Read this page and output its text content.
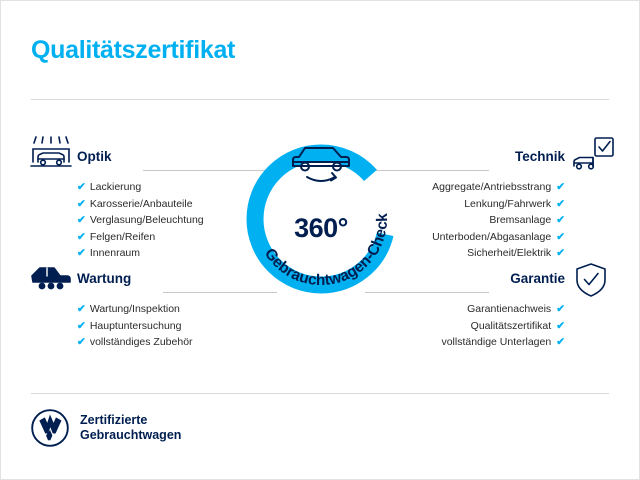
Qualitätszertifikat
Optik
✔ Lackierung
✔ Karosserie/Anbauteile
✔ Verglasung/Beleuchtung
✔ Felgen/Reifen
✔ Innenraum
Wartung
✔ Wartung/Inspektion
✔ Hauptuntersuchung
✔ vollständiges Zubehör
Technik
Aggregate/Antriebsstrang ✔
Lenkung/Fahrwerk ✔
Bremsanlage ✔
Unterboden/Abgasanlage ✔
Sicherheit/Elektrik ✔
Garantie
Garantienachweis ✔
Qualitätszertifikat ✔
vollständige Unterlagen ✔
Gebrauchtwagen-Check
360°
Zertifizierte
Gebrauchtwagen
